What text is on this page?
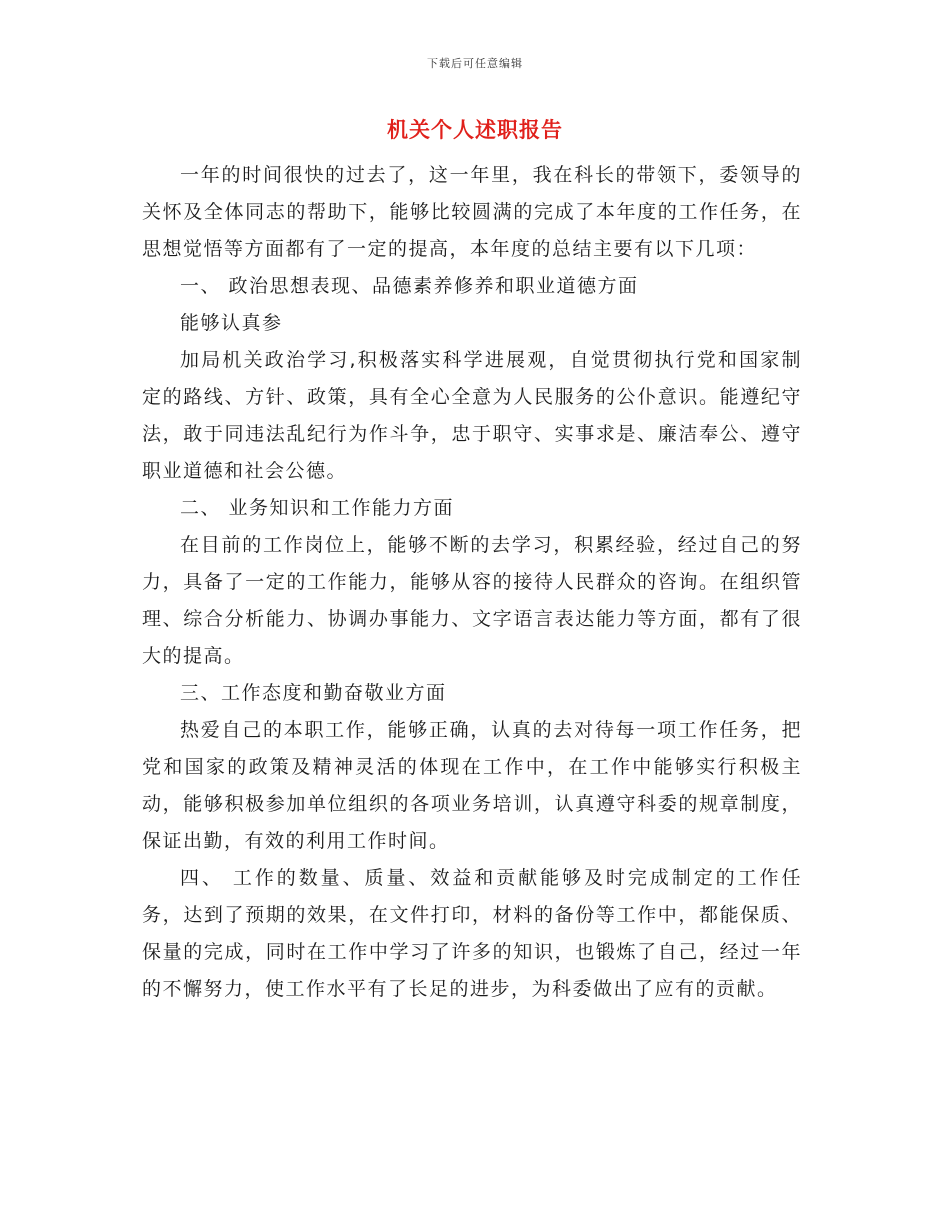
下载后可任意编辑
机关个人述职报告

一年的时间很快的过去了，这一年里，我在科长的带领下，委领导的关怀及全体同志的帮助下，能够比较圆满的完成了本年度的工作任务，在思想觉悟等方面都有了一定的提高，本年度的总结主要有以下几项：

一、 政治思想表现、品德素养修养和职业道德方面

能够认真参

加局机关政治学习,积极落实科学进展观，自觉贯彻执行党和国家制定的路线、方针、政策，具有全心全意为人民服务的公仆意识。能遵纪守法，敢于同违法乱纪行为作斗争，忠于职守、实事求是、廉洁奉公、遵守职业道德和社会公德。

二、 业务知识和工作能力方面

在目前的工作岗位上，能够不断的去学习，积累经验，经过自己的努力，具备了一定的工作能力，能够从容的接待人民群众的咨询。在组织管理、综合分析能力、协调办事能力、文字语言表达能力等方面，都有了很大的提高。

三、工作态度和勤奋敬业方面

热爱自己的本职工作，能够正确，认真的去对待每一项工作任务，把党和国家的政策及精神灵活的体现在工作中，在工作中能够实行积极主动，能够积极参加单位组织的各项业务培训，认真遵守科委的规章制度，保证出勤，有效的利用工作时间。

四、 工作的数量、质量、效益和贡献能够及时完成制定的工作任务，达到了预期的效果，在文件打印，材料的备份等工作中，都能保质、保量的完成，同时在工作中学习了许多的知识，也锻炼了自己，经过一年的不懈努力，使工作水平有了长足的进步，为科委做出了应有的贡献。
